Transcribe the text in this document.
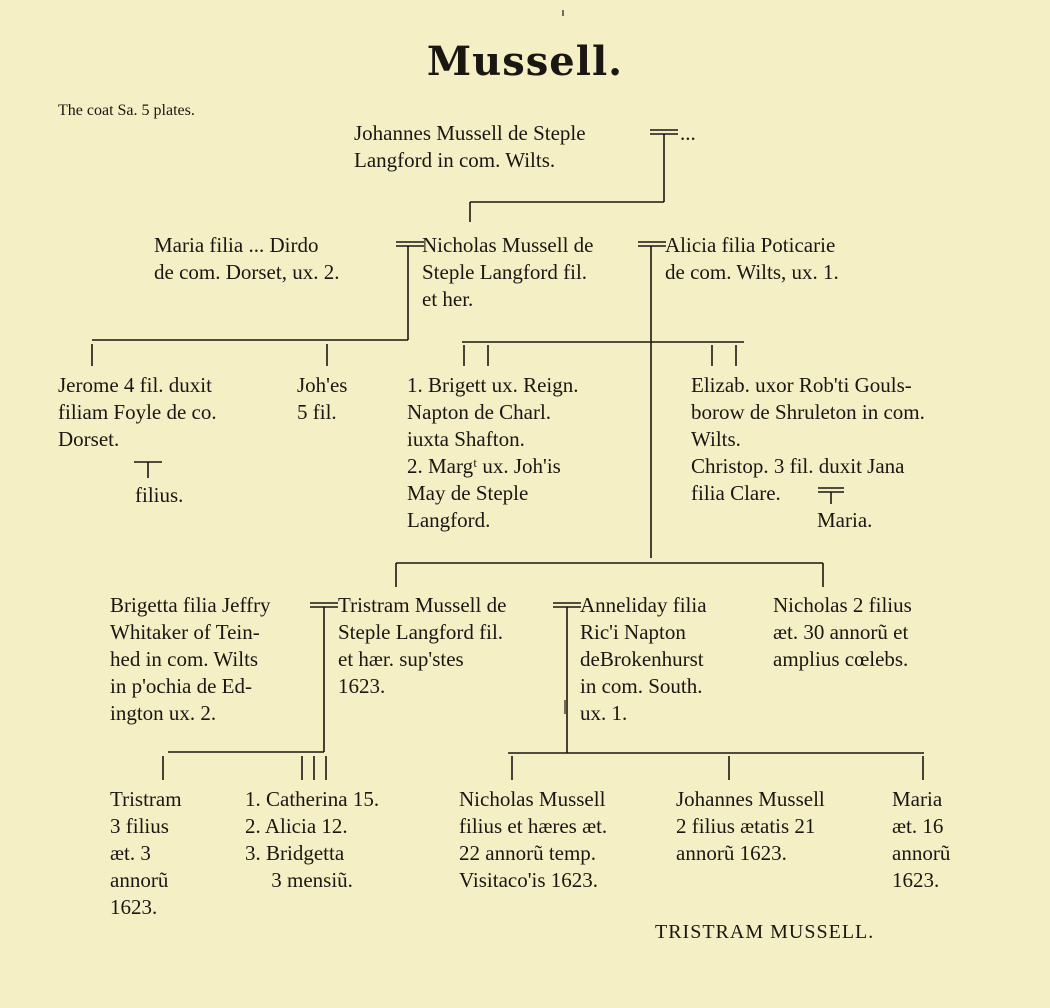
Mussell.
The coat Sa. 5 plates.
Johannes Mussell de Steple
Langford in com. Wilts.
...
Maria filia ... Dirdo
de com. Dorset, ux. 2.
Nicholas Mussell de
Steple Langford fil.
et her.
Alicia filia Poticarie
de com. Wilts, ux. 1.
Jerome 4 fil. duxit
filiam Foyle de co.
Dorset.
filius.
Joh'es
5 fil.
1. Brigett ux. Reign.
Napton de Charl.
iuxta Shafton.
2. Margᵗ ux. Joh'is
May de Steple
Langford.
Elizab. uxor Rob'ti Gouls-
borow de Shruleton in com.
Wilts.
Christop. 3 fil. duxit Jana
filia Clare.
Maria.
Brigetta filia Jeffry
Whitaker of Tein-
hed in com. Wilts
in p'ochia de Ed-
ington ux. 2.
Tristram Mussell de
Steple Langford fil.
et hær. sup'stes
1623.
Anneliday filia
Ric'i Napton
deBrokenhurst
in com. South.
ux. 1.
Nicholas 2 filius
æt. 30 annorũ et
amplius cœlebs.
Tristram
3 filius
æt. 3
annorũ
1623.
1. Catherina 15.
2. Alicia 12.
3. Bridgetta
3 mensiũ.
Nicholas Mussell
filius et hæres æt.
22 annorũ temp.
Visitaco'is 1623.
Johannes Mussell
2 filius ætatis 21
annorũ 1623.
Maria
æt. 16
annorũ
1623.
TRISTRAM MUSSELL.
